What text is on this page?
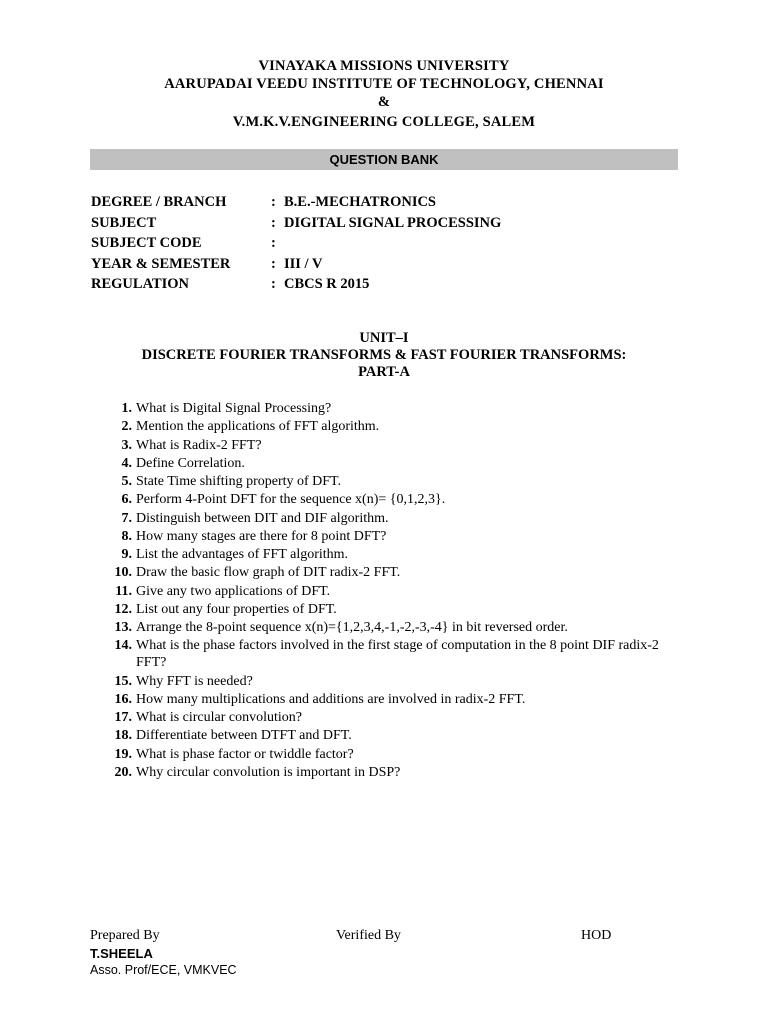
VINAYAKA MISSIONS UNIVERSITY
AARUPADAI VEEDU INSTITUTE OF TECHNOLOGY, CHENNAI
&
V.M.K.V.ENGINEERING COLLEGE, SALEM
QUESTION BANK
DEGREE / BRANCH	: B.E.-MECHATRONICS
SUBJECT	: DIGITAL SIGNAL PROCESSING
SUBJECT CODE	:
YEAR & SEMESTER	: III / V
REGULATION	: CBCS R 2015
UNIT–I
DISCRETE FOURIER TRANSFORMS & FAST FOURIER TRANSFORMS:
PART-A
1. What is Digital Signal Processing?
2. Mention the applications of FFT algorithm.
3. What is Radix-2 FFT?
4. Define Correlation.
5. State Time shifting property of DFT.
6. Perform 4-Point DFT for the sequence x(n)= {0,1,2,3}.
7. Distinguish between DIT and DIF algorithm.
8. How many stages are there for 8 point DFT?
9. List the advantages of FFT algorithm.
10. Draw the basic flow graph of DIT radix-2 FFT.
11. Give any two applications of DFT.
12. List out any four properties of DFT.
13. Arrange the 8-point sequence x(n)={1,2,3,4,-1,-2,-3,-4} in bit reversed order.
14. What is the phase factors involved in the first stage of computation in the 8 point DIF radix-2 FFT?
15. Why FFT is needed?
16. How many multiplications and additions are involved in radix-2 FFT.
17. What is circular convolution?
18. Differentiate between DTFT and DFT.
19. What is phase factor or twiddle factor?
20. Why circular convolution is important in DSP?
Prepared By	Verified By	HOD
T.SHEELA
Asso. Prof/ECE, VMKVEC
